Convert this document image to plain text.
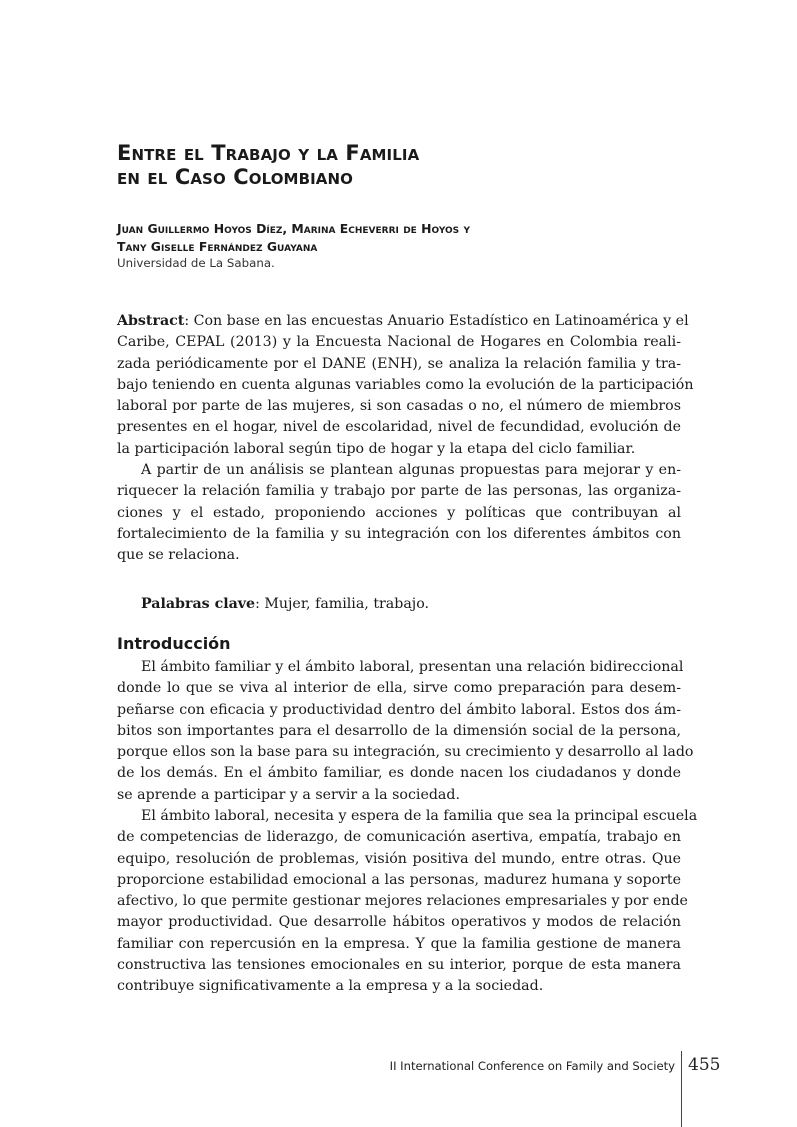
Entre el Trabajo y la Familia
en el Caso Colombiano
Juan Guillermo Hoyos Díez, Marina Echeverri de Hoyos y
Tany Giselle Fernández Guayana
Universidad de La Sabana.
Abstract: Con base en las encuestas Anuario Estadístico en Latinoamérica y el
Caribe, CEPAL (2013) y la Encuesta Nacional de Hogares en Colombia reali-
zada periódicamente por el DANE (ENH), se analiza la relación familia y tra-
bajo teniendo en cuenta algunas variables como la evolución de la participación
laboral por parte de las mujeres, si son casadas o no, el número de miembros
presentes en el hogar, nivel de escolaridad, nivel de fecundidad, evolución de
la participación laboral según tipo de hogar y la etapa del ciclo familiar.
A partir de un análisis se plantean algunas propuestas para mejorar y en-
riquecer la relación familia y trabajo por parte de las personas, las organiza-
ciones y el estado, proponiendo acciones y políticas que contribuyan al
fortalecimiento de la familia y su integración con los diferentes ámbitos con
que se relaciona.
Palabras clave: Mujer, familia, trabajo.
Introducción
El ámbito familiar y el ámbito laboral, presentan una relación bidireccional
donde lo que se viva al interior de ella, sirve como preparación para desem-
peñarse con eficacia y productividad dentro del ámbito laboral. Estos dos ám-
bitos son importantes para el desarrollo de la dimensión social de la persona,
porque ellos son la base para su integración, su crecimiento y desarrollo al lado
de los demás. En el ámbito familiar, es donde nacen los ciudadanos y donde
se aprende a participar y a servir a la sociedad.
El ámbito laboral, necesita y espera de la familia que sea la principal escuela
de competencias de liderazgo, de comunicación asertiva, empatía, trabajo en
equipo, resolución de problemas, visión positiva del mundo, entre otras. Que
proporcione estabilidad emocional a las personas, madurez humana y soporte
afectivo, lo que permite gestionar mejores relaciones empresariales y por ende
mayor productividad. Que desarrolle hábitos operativos y modos de relación
familiar con repercusión en la empresa. Y que la familia gestione de manera
constructiva las tensiones emocionales en su interior, porque de esta manera
contribuye significativamente a la empresa y a la sociedad.
II International Conference on Family and Society 455
